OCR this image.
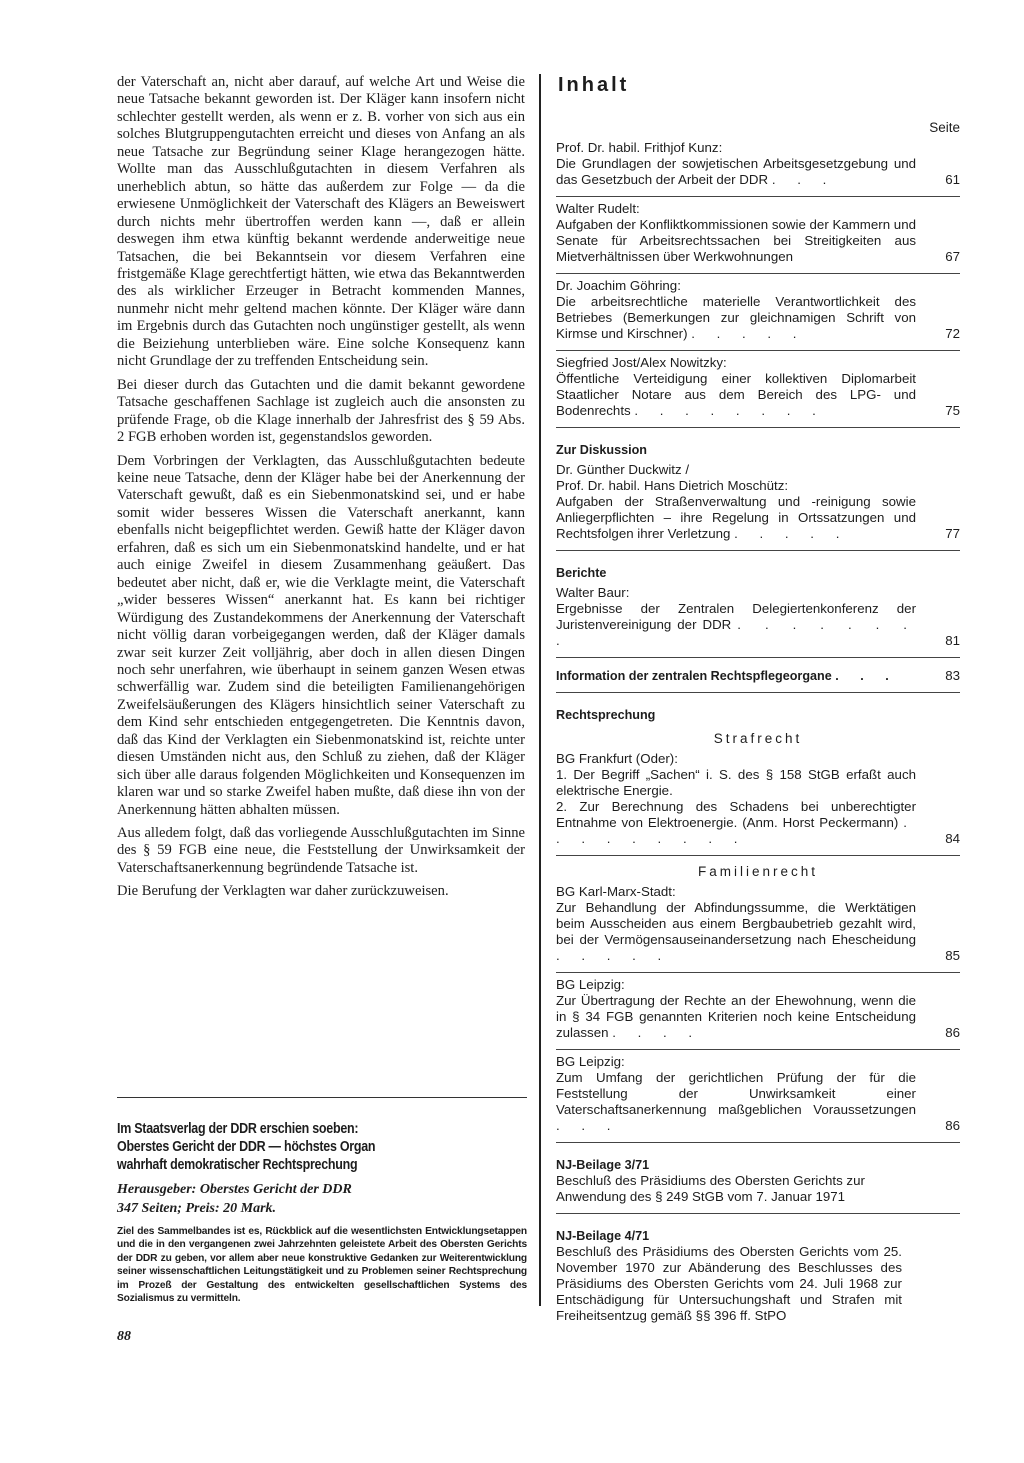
der Vaterschaft an, nicht aber darauf, auf welche Art und Weise die neue Tatsache bekannt geworden ist. Der Kläger kann insofern nicht schlechter gestellt werden, als wenn er z. B. vorher von sich aus ein solches Blutgruppengutachten erreicht und dieses von Anfang an als neue Tatsache zur Begründung seiner Klage herangezogen hätte. Wollte man das Ausschlußgutachten in diesem Verfahren als unerheblich abtun, so hätte das außerdem zur Folge — da die erwiesene Unmöglichkeit der Vaterschaft des Klägers an Beweiswert durch nichts mehr übertroffen werden kann —, daß er allein deswegen ihm etwa künftig bekannt werdende anderweitige neue Tatsachen, die bei Bekanntsein vor diesem Verfahren eine fristgemäße Klage gerechtfertigt hätten, wie etwa das Bekanntwerden des als wirklicher Erzeuger in Betracht kommenden Mannes, nunmehr nicht mehr geltend machen könnte. Der Kläger wäre dann im Ergebnis durch das Gutachten noch ungünstiger gestellt, als wenn die Beiziehung unterblieben wäre. Eine solche Konsequenz kann nicht Grundlage der zu treffenden Entscheidung sein.

Bei dieser durch das Gutachten und die damit bekannt gewordene Tatsache geschaffenen Sachlage ist zugleich auch die ansonsten zu prüfende Frage, ob die Klage innerhalb der Jahresfrist des § 59 Abs. 2 FGB erhoben worden ist, gegenstandslos geworden.

Dem Vorbringen der Verklagten, das Ausschlußgutachten bedeute keine neue Tatsache, denn der Kläger habe bei der Anerkennung der Vaterschaft gewußt, daß es ein Siebenmonatskind sei, und er habe somit wider besseres Wissen die Vaterschaft anerkannt, kann ebenfalls nicht beigepflichtet werden. Gewiß hatte der Kläger davon erfahren, daß es sich um ein Siebenmonatskind handelte, und er hat auch einige Zweifel in diesem Zusammenhang geäußert. Das bedeutet aber nicht, daß er, wie die Verklagte meint, die Vaterschaft „wider besseres Wissen“ anerkannt hat. Es kann bei richtiger Würdigung des Zustandekommens der Anerkennung der Vaterschaft nicht völlig daran vorbeigegangen werden, daß der Kläger damals zwar seit kurzer Zeit volljährig, aber doch in allen diesen Dingen noch sehr unerfahren, wie überhaupt in seinem ganzen Wesen etwas schwerfällig war. Zudem sind die beteiligten Familienangehörigen Zweifelsäußerungen des Klägers hinsichtlich seiner Vaterschaft zu dem Kind sehr entschieden entgegengetreten. Die Kenntnis davon, daß das Kind der Verklagten ein Siebenmonatskind ist, reichte unter diesen Umständen nicht aus, den Schluß zu ziehen, daß der Kläger sich über alle daraus folgenden Möglichkeiten und Konsequenzen im klaren war und so starke Zweifel haben mußte, daß diese ihn von der Anerkennung hätten abhalten müssen.

Aus alledem folgt, daß das vorliegende Ausschlußgutachten im Sinne des § 59 FGB eine neue, die Feststellung der Unwirksamkeit der Vaterschaftsanerkennung begründende Tatsache ist.

Die Berufung der Verklagten war daher zurückzuweisen.

Im Staatsverlag der DDR erschien soeben:
Oberstes Gericht der DDR — höchstes Organ
wahrhaft demokratischer Rechtsprechung
Herausgeber: Oberstes Gericht der DDR
347 Seiten; Preis: 20 Mark.
Ziel des Sammelbandes ist es, Rückblick auf die wesentlichsten Entwicklungsetappen und die in den vergangenen zwei Jahrzehnten geleistete Arbeit des Obersten Gerichts der DDR zu geben, vor allem aber neue konstruktive Gedanken zur Weiterentwicklung seiner wissenschaftlichen Leitungstätigkeit und zu Problemen seiner Rechtsprechung im Prozeß der Gestaltung des entwickelten gesellschaftlichen Systems des Sozialismus zu vermitteln.
88
Inhalt
Seite
Prof. Dr. habil. Frithjof Kunz:
Die Grundlagen der sowjetischen Arbeitsgesetzgebung und das Gesetzbuch der Arbeit der DDR . . .	61
Walter Rudelt:
Aufgaben der Konfliktkommissionen sowie der Kammern und Senate für Arbeitsrechtssachen bei Streitigkeiten aus Mietverhältnissen über Werkwohnungen	67
Dr. Joachim Göhring:
Die arbeitsrechtliche materielle Verantwortlichkeit des Betriebes (Bemerkungen zur gleichnamigen Schrift von Kirmse und Kirschner) . . . . .	72
Siegfried Jost/Alex Nowitzky:
Öffentliche Verteidigung einer kollektiven Diplomarbeit Staatlicher Notare aus dem Bereich des LPG- und Bodenrechts . . . . . . . .	75
Zur Diskussion
Dr. Günther Duckwitz /
Prof. Dr. habil. Hans Dietrich Moschütz:
Aufgaben der Straßenverwaltung und -reinigung sowie Anliegerpflichten – ihre Regelung in Ortssatzungen und Rechtsfolgen ihrer Verletzung . . . . .	77
Berichte
Walter Baur:
Ergebnisse der Zentralen Delegiertenkonferenz der Juristenvereinigung der DDR . . . . . . . .	81
Information der zentralen Rechtspflegeorgane . . .	83
Rechtsprechung
Strafrecht
BG Frankfurt (Oder):
1. Der Begriff „Sachen“ i. S. des § 158 StGB erfaßt auch elektrische Energie.
2. Zur Berechnung des Schadens bei unberechtigter Entnahme von Elektroenergie. (Anm. Horst Peckermann) . . . . . . . . .	84
Familienrecht
BG Karl-Marx-Stadt:
Zur Behandlung der Abfindungssumme, die Werktätigen beim Ausscheiden aus einem Bergbaubetrieb gezahlt wird, bei der Vermögensauseinandersetzung nach Ehescheidung . . . . .	85
BG Leipzig:
Zur Übertragung der Rechte an der Ehewohnung, wenn die in § 34 FGB genannten Kriterien noch keine Entscheidung zulassen . . . .	86
BG Leipzig:
Zum Umfang der gerichtlichen Prüfung der für die Feststellung der Unwirksamkeit einer Vaterschaftsanerkennung maßgeblichen Voraussetzungen . . .	86
NJ-Beilage 3/71
Beschluß des Präsidiums des Obersten Gerichts zur Anwendung des § 249 StGB vom 7. Januar 1971
NJ-Beilage 4/71
Beschluß des Präsidiums des Obersten Gerichts vom 25. November 1970 zur Abänderung des Beschlusses des Präsidiums des Obersten Gerichts vom 24. Juli 1968 zur Entschädigung für Untersuchungshaft und Strafen mit Freiheitsentzug gemäß §§ 396 ff. StPO
